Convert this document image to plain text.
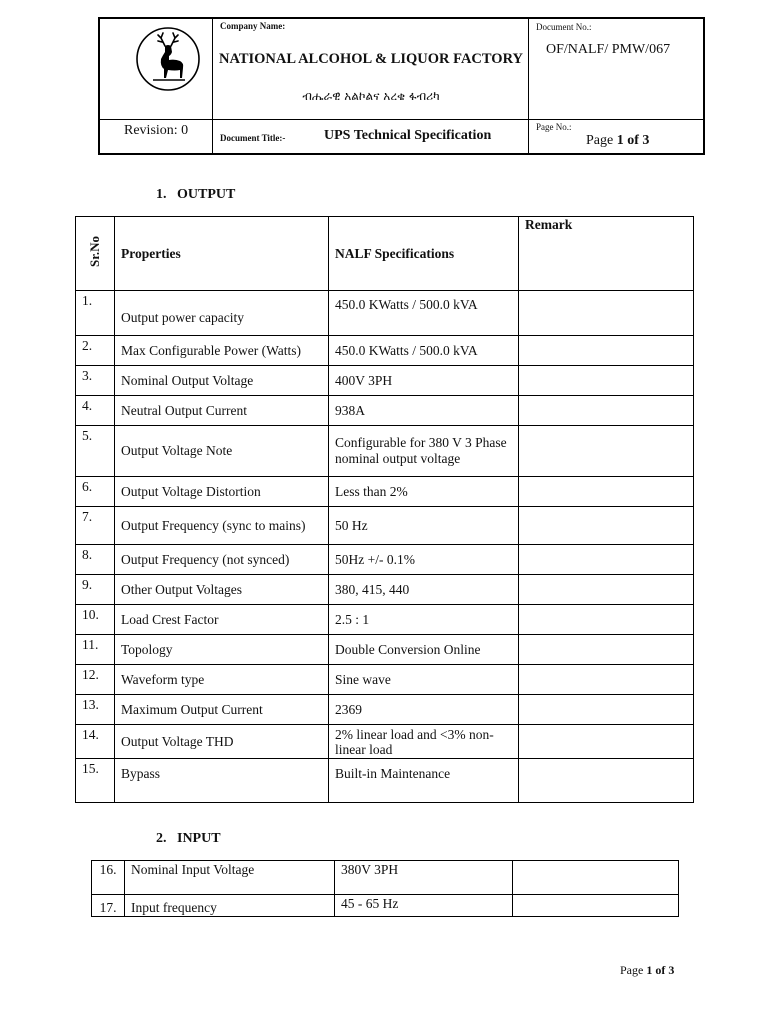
Company Name:
NATIONAL ALCOHOL & LIQUOR FACTORY
ብሔራዊ አልኮልና አረቄ ፋብሪካ
Document No.:
OF/NALF/ PMW/067
Revision: 0	Document Title:-	UPS Technical Specification
Page No.:
Page 1 of 3
1. OUTPUT
Sr.No	Properties	NALF Specifications	Remark
1.	Output power capacity	450.0 KWatts / 500.0 kVA	
2.	Max Configurable Power (Watts)	450.0 KWatts / 500.0 kVA	
3.	Nominal Output Voltage	400V 3PH	
4.	Neutral Output Current	938A	
5.	Output Voltage Note	Configurable for 380 V 3 Phase nominal output voltage	
6.	Output Voltage Distortion	Less than 2%	
7.	Output Frequency (sync to mains)	50 Hz	
8.	Output Frequency (not synced)	50Hz +/- 0.1%	
9.	Other Output Voltages	380, 415, 440	
10.	Load Crest Factor	2.5 : 1	
11.	Topology	Double Conversion Online	
12.	Waveform type	Sine wave	
13.	Maximum Output Current	2369	
14.	Output Voltage THD	2% linear load and <3% non-linear load	
15.	Bypass	Built-in Maintenance	
2. INPUT
16.	Nominal Input Voltage	380V 3PH	
17.	Input frequency	45 - 65 Hz	
Page 1 of 3
